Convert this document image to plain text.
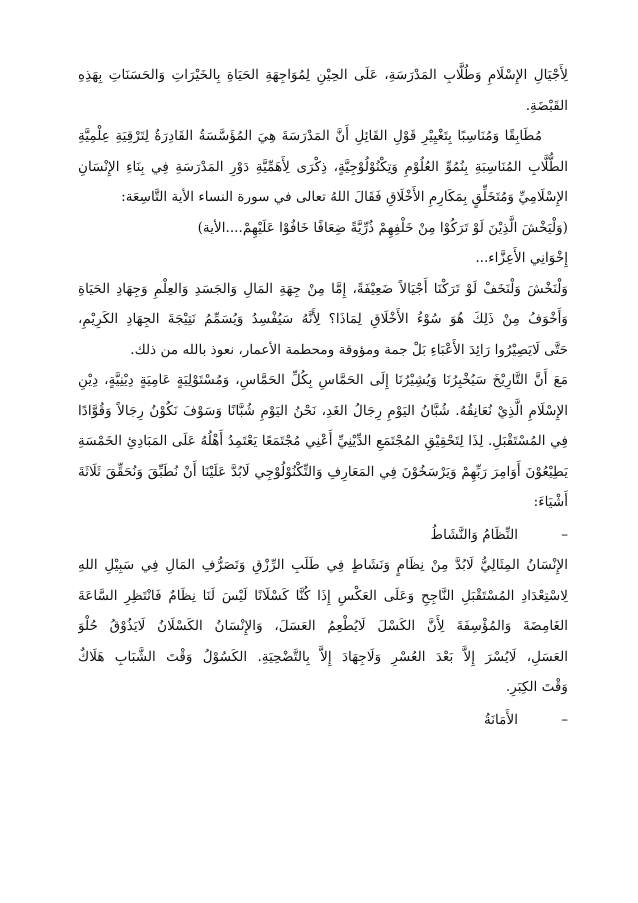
لِأَجْيَالِ الإِسْلَامِ وَطُلَّابِ المَدْرَسَةِ، عَلَى الحِيْنِ لِمُوَاجِهَةِ الحَيَاةِ بِالخَيْرَاتِ وَالحَسَنَاتِ بِهَذِهِ
القَبْضَةِ.
مُطَابِقًا وَمُنَاسِبًا بِتَغْيِيْرِ قَوْلِ القَائِلِ أَنَّ المَدْرَسَةَ هِيَ المُؤَسَّسَةُ القَادِرَةُ لِتَرْقِيَةِ عِلْمِيَّةِ
الطُّلَّابِ المُنَاسِبَةِ بِنُمُوِّ العُلُوْمِ وَتِكْنُوْلُوْجِيَّةٍ، ذِكْرَى لِأَهَمِّيَّةِ دَوْرِ المَدْرَسَةِ فِي بِنَاءِ الإِنْسَانِ
الإِسْلَامِيِّ وَمُتَخَلِّقٍ بِمَكَارِمِ الأَخْلَاقِ فَقَالَ اللهُ تعالى في سورة النساء الأية التَّاسِعَة:
(وَلْيَخْشَ الَّذِيْنَ لَوْ تَرَكُوْا مِنْ خَلْفِهِمْ ذُرِّيَّةً ضِعَافًا خَافُوْا عَلَيْهِمْ....الأية)
إِخْوَانِي الأَعِزَّاء...
وَلْنَخْشَ وَلْنَخَفْ لَوْ تَرَكْنَا أَجْيَالاً ضَعِيْفَةً، إِمَّا مِنْ جِهَةِ المَالِ وَالجَسَدِ وَالعِلْمِ وَجِهَادِ الحَيَاةِ
وَأَخْوَفُ مِنْ ذَلِكَ هُوَ سُوْءُ الأَخْلَاقِ لِمَاذَا؟ لِأَنَّهُ سَيُفْسِدُ وَيُسَمِّمُ نَتِيْجَةَ الجِهَادِ الكَرِيْمِ،
حَتَّى لَايَصِيْرُوا رَائِدَ الأَعْبَاءِ بَلْ جمة ومؤوقة ومحطمة الأعمار، نعوذ بالله من ذلك.
مَعَ أَنَّ التَّارِيْخَ سَيُخْبِرُنَا وَيُشِيْرُنَا إِلَى الحَمَّاسِ بِكُلِّ الحَمَّاسِ، وَمُسْتَوْلِيَةٍ عَامِيَةٍ دِيْنِيَّةٍ، دِيْنِ
الإِسْلَامِ الَّذِيْ نُعَانِقُهُ. شُبَّانُ اليَوْمِ رِجَالُ الغَدِ، نَحْنُ اليَوْمِ شُبَّانًا وَسَوْفَ نَكُوْنُ رِجَالاً وَقُوَّادًا
فِي المُسْتَقْبَلِ. لِذَا لِتَحْقِيْقِ المُجْتَمَعِ الدِّيْنِيِّ أَعْنِي مُجْتَمَعًا يَعْتَمِدُ أَهْلُهُ عَلَى المَبَادِئِ الخَمْسَةِ
يَطِيْعُوْنَ أَوَامِرَ رَبِّهِمْ وَيَرْسَخُوْنَ فِي المَعَارِفِ وَالتِّكْنُوْلُوْجِي لَابُدَّ عَلَيْنَا أَنْ نُطَبِّقَ وَنُحَقِّقَ ثَلَاثَةَ
أَشْيَاءَ:
–
النِّظَامُ وَالنَّشَاطُ
الإِنْسَانُ المِثَالِيُّ لَابُدَّ مِنْ نِظَامٍ وَنَشَاطٍ فِي طَلَبِ الرِّزْقِ وَتَصَرُّفِ المَالِ فِي سَبِيْلِ اللهِ
لِاسْتِعْدَادِ المُسْتَقْبَلِ النَّاجِحِ وَعَلَى العَكْسِ إِذَا كُنَّا كَسْلَانًا لَيْسَ لَنَا نِظَامٌ فَانْتَظِرِ السَّاعَةَ
الغَامِضَةَ وَالمُؤْسِفَةَ لِأَنَّ الكَسْلَ لَايُطْعِمُ العَسَلَ، وَالإِنْسَانُ الكَسْلَانُ لَايَذُوْقُ حُلْوَ
العَسَلِ، لَايُسْرَ إِلاَّ بَعْدَ العُسْرِ وَلَاجِهَادَ إِلاَّ بِالتَّضْحِيَةِ. الكَسُوْلُ وَقْتَ الشَّبَابِ هَلَاكٌ
وَقْتَ الكِبَرِ.
–
الأَمَانَةُ
